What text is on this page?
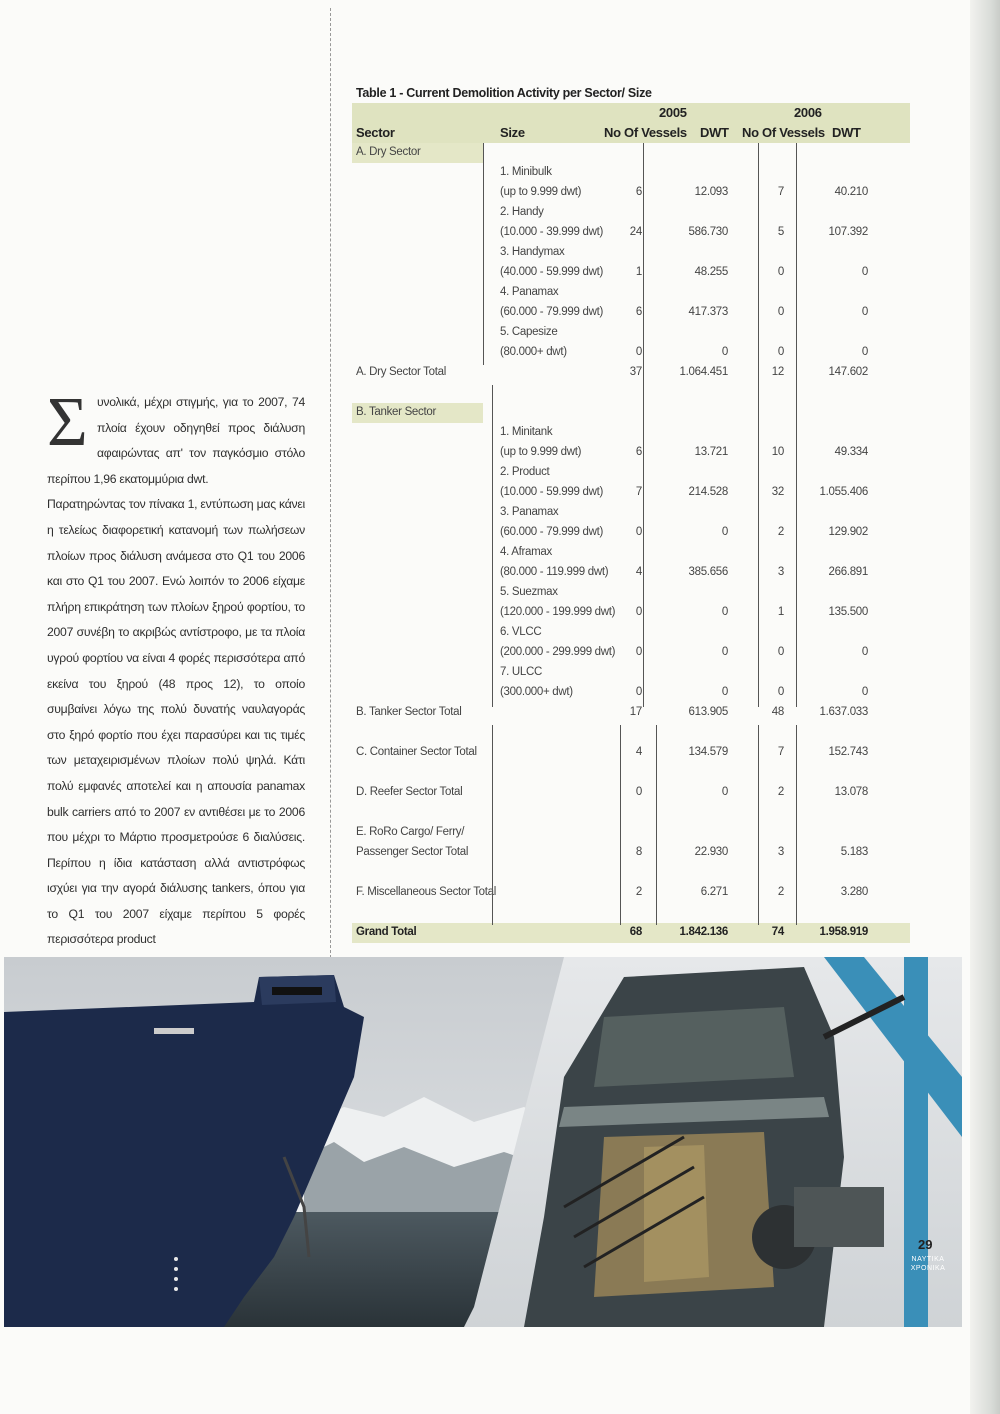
Σ υνολικά, μέχρι στιγμής, για το 2007, 74 πλοία έχουν οδηγηθεί προς διάλυση αφαιρώντας απ' τον παγκόσμιο στόλο περίπου 1,96 εκατομμύρια dwt.

Παρατηρώντας τον πίνακα 1, εντύπωση μας κάνει η τελείως διαφορετική κατανομή των πωλήσεων πλοίων προς διάλυση ανάμεσα στο Q1 του 2006 και στο Q1 του 2007. Ενώ λοιπόν το 2006 είχαμε πλήρη επικράτηση των πλοίων ξηρού φορτίου, το 2007 συνέβη το ακριβώς αντίστροφο, με τα πλοία υγρού φορτίου να είναι 4 φορές περισσότερα από εκείνα του ξηρού (48 προς 12), το οποίο συμβαίνει λόγω της πολύ δυνατής ναυλαγοράς στο ξηρό φορτίο που έχει παρασύρει και τις τιμές των μεταχειρισμένων πλοίων πολύ ψηλά. Κάτι πολύ εμφανές αποτελεί και η απουσία panamax bulk carriers από το 2007 εν αντιθέσει με το 2006 που μέχρι το Μάρτιο προσμετρούσε 6 διαλύσεις. Περίπου η ίδια κατάσταση αλλά αντιστρόφως ισχύει για την αγορά διάλυσης tankers, όπου για το Q1 του 2007 είχαμε περίπου 5 φορές περισσότερα product

Table 1 - Current Demolition Activity per Sector/ Size
2005	2006
Sector	Size	No Of Vessels DWT No Of Vessels DWT
A. Dry Sector
1. Minibulk
(up to 9.999 dwt)	6	12.093	7	40.210
2. Handy
(10.000 - 39.999 dwt) 24	586.730	5	107.392
3. Handymax
(40.000 - 59.999 dwt)	1	48.255	0	0
4. Panamax
(60.000 - 79.999 dwt)	6	417.373	0	0
5. Capesize
(80.000+ dwt)	0	0	0	0
A. Dry Sector Total	37	1.064.451	12	147.602
B. Tanker Sector
1. Minitank
(up to 9.999 dwt)	6	13.721	10	49.334
2. Product
(10.000 - 59.999 dwt)	7	214.528	32	1.055.406
3. Panamax
(60.000 - 79.999 dwt)	0	0	2	129.902
4. Aframax
(80.000 - 119.999 dwt) 4	385.656	3	266.891
5. Suezmax
(120.000 - 199.999 dwt) 0	0	1	135.500
6. VLCC
(200.000 - 299.999 dwt) 0	0	0	0
7. ULCC
(300.000+ dwt)	0	0	0	0
B. Tanker Sector Total	17	613.905	48	1.637.033
C. Container Sector Total	4	134.579	7	152.743
D. Reefer Sector Total	0	0	2	13.078
E. RoRo Cargo/ Ferry/
Passenger Sector Total	8	22.930	3	5.183
F. Miscellaneous Sector Total	2	6.271	2	3.280
Grand Total	68	1.842.136	74	1.958.919
29
ΝΑΥΤΙΚΑ
ΧΡΟΝΙΚΑ
